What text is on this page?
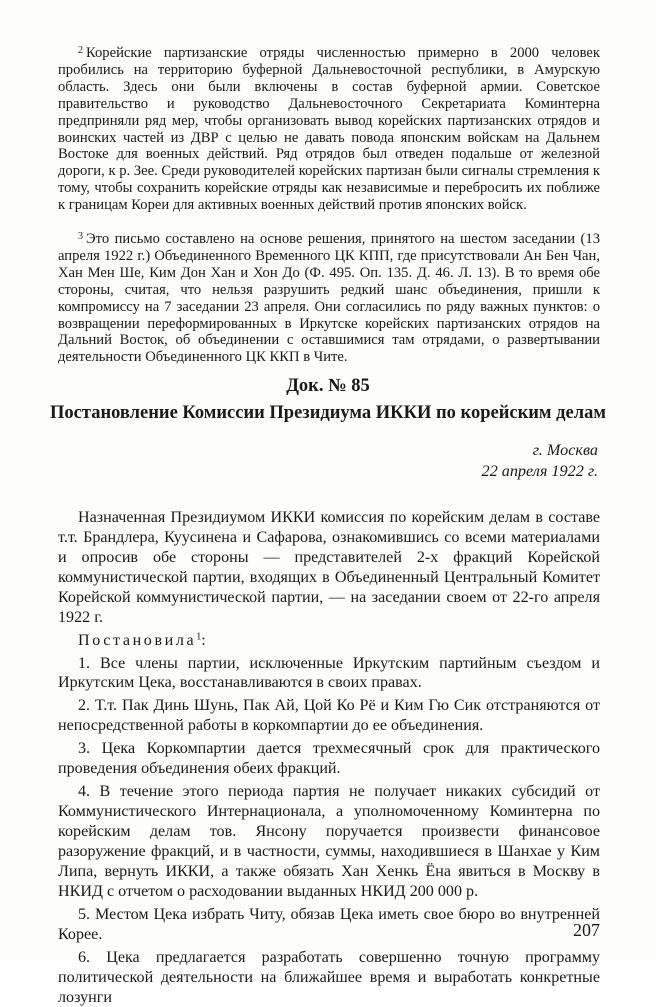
$^2$ Корейские партизанские отряды численностью примерно в 2000 человек пробились на территорию буферной Дальневосточной республики, в Амурскую область. Здесь они были включены в состав буферной армии. Советское правительство и руководство Дальневосточного Секретариата Коминтерна предприняли ряд мер, чтобы организовать вывод корейских партизанских отрядов и воинских частей из ДВР с целью не давать повода японским войскам на Дальнем Востоке для военных действий. Ряд отрядов был отведен подальше от железной дороги, к р. Зее. Среди руководителей корейских партизан были сигналы стремления к тому, чтобы сохранить корейские отряды как независимые и перебросить их поближе к границам Кореи для активных военных действий против японских войск.

$^3$ Это письмо составлено на основе решения, принятого на шестом заседании (13 апреля 1922 г.) Объединенного Временного ЦК КПП, где присутствовали Ан Бен Чан, Хан Мен Ше, Ким Дон Хан и Хон До (Ф. 495. Оп. 135. Д. 46. Л. 13). В то время обе стороны, считая, что нельзя разрушить редкий шанс объединения, пришли к компромиссу на 7 заседании 23 апреля. Они согласились по ряду важных пунктов: о возвращении переформированных в Иркутске корейских партизанских отрядов на Дальний Восток, об объединении с оставшимися там отрядами, о развертывании деятельности Объединенного ЦК ККП в Чите.

Док. № 85
Постановление Комиссии Президиума ИККИ по корейским делам
г. Москва
22 апреля 1922 г.

Назначенная Президиумом ИККИ комиссия по корейским делам в составе т.т. Брандлера, Куусинена и Сафарова, ознакомившись со всеми материалами и опросив обе стороны — представителей 2-х фракций Корейской коммунистической партии, входящих в Объединенный Центральный Комитет Корейской коммунистической партии, — на заседании своем от 22-го апреля 1922 г.

Постановила$^1$:

1. Все члены партии, исключенные Иркутским партийным съездом и Иркутским Цека, восстанавливаются в своих правах.

2. Т.т. Пак Динь Шунь, Пак Ай, Цой Ко Рё и Ким Гю Сик отстраняются от непосредственной работы в коркомпартии до ее объединения.

3. Цека Коркомпартии дается трехмесячный срок для практического проведения объединения обеих фракций.

4. В течение этого периода партия не получает никаких субсидий от Коммунистического Интернационала, а уполномоченному Коминтерна по корейским делам тов. Янсону поручается произвести финансовое разоружение фракций, и в частности, суммы, находившиеся в Шанхае у Ким Липа, вернуть ИККИ, а также обязать Хан Хенкь Ёна явиться в Москву в НКИД с отчетом о расходовании выданных НКИД 200 000 р.

5. Местом Цека избрать Читу, обязав Цека иметь свое бюро во внутренней Корее.

6. Цека предлагается разработать совершенно точную программу политической деятельности на ближайшее время и выработать конкретные лозунги

207
